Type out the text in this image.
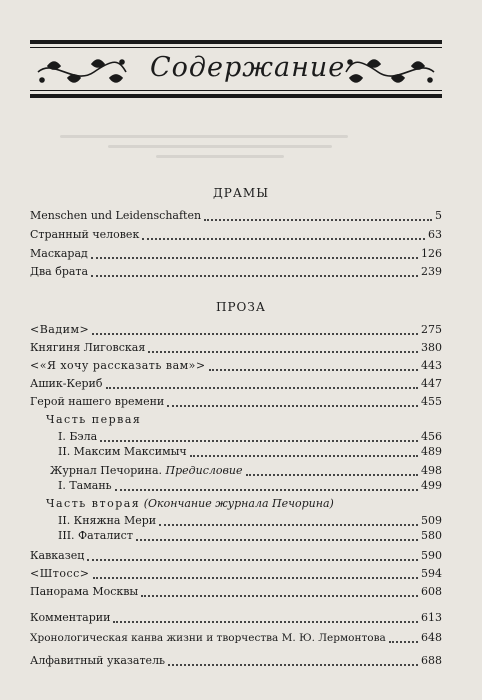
Содержание
ДРАМЫ
Menschen und Leidenschaften	5
Странный человек	63
Маскарад	126
Два брата	239
ПРОЗА
<Вадим>	275
Княгиня Лиговская	380
<«Я хочу рассказать вам»>	443
Ашик-Кериб	447
Герой нашего времени	455
Часть первая
I. Бэла	456
II. Максим Максимыч	489
Журнал Печорина. Предисловие	498
I. Тамань	499
Часть вторая (Окончание журнала Печорина)
II. Княжна Мери	509
III. Фаталист	580
Кавказец	590
<Штосс>	594
Панорама Москвы	608
Комментарии	613
Хронологическая канва жизни и творчества М. Ю. Лермонтова	648
Алфавитный указатель	688
